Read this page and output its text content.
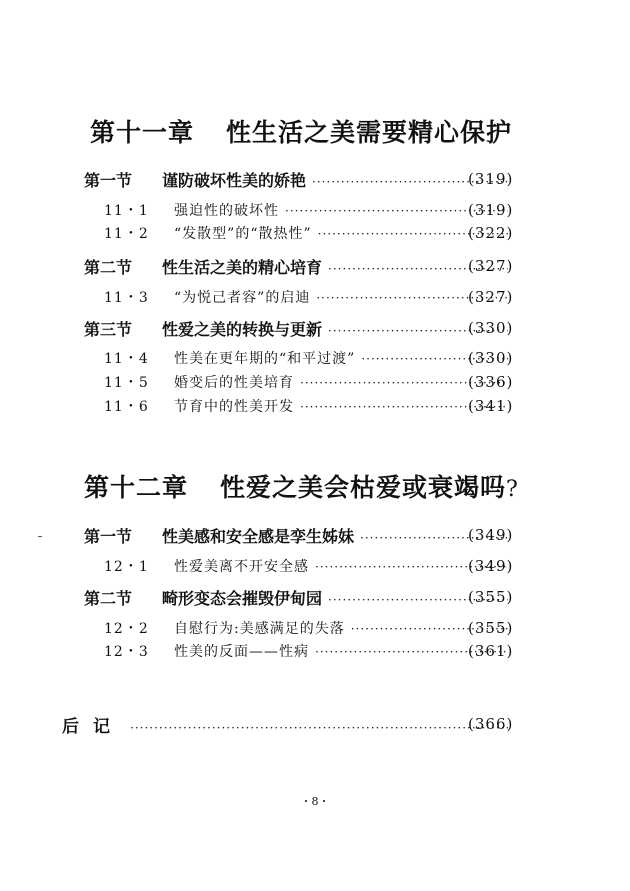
第十一章 性生活之美需要精心保护
第一节	谨防破坏性美的娇艳 ·····	(319)
11・1	强迫性的破坏性 ·····	(319)
11・2	“发散型”的“散热性” ·····	(322)
第二节	性生活之美的精心培育 ·····	(327)
11・3	“为悦己者容”的启迪 ·····	(327)
第三节	性爱之美的转换与更新 ·····	(330)
11・4	性美在更年期的“和平过渡” ·····	(330)
11・5	婚变后的性美培育 ·····	(336)
11・6	节育中的性美开发 ·····	(341)
第十二章 性爱之美会枯爱或衰竭吗?
第一节	性美感和安全感是孪生姊妹 ·····	(349)
12・1	性爱美离不开安全感 ·····	(349)
第二节	畸形变态会摧毁伊甸园 ·····	(355)
12・2	自慰行为:美感满足的失落 ·····	(355)
12・3	性美的反面——性病 ·····	(361)
后记 ·····	(366)
・8・
